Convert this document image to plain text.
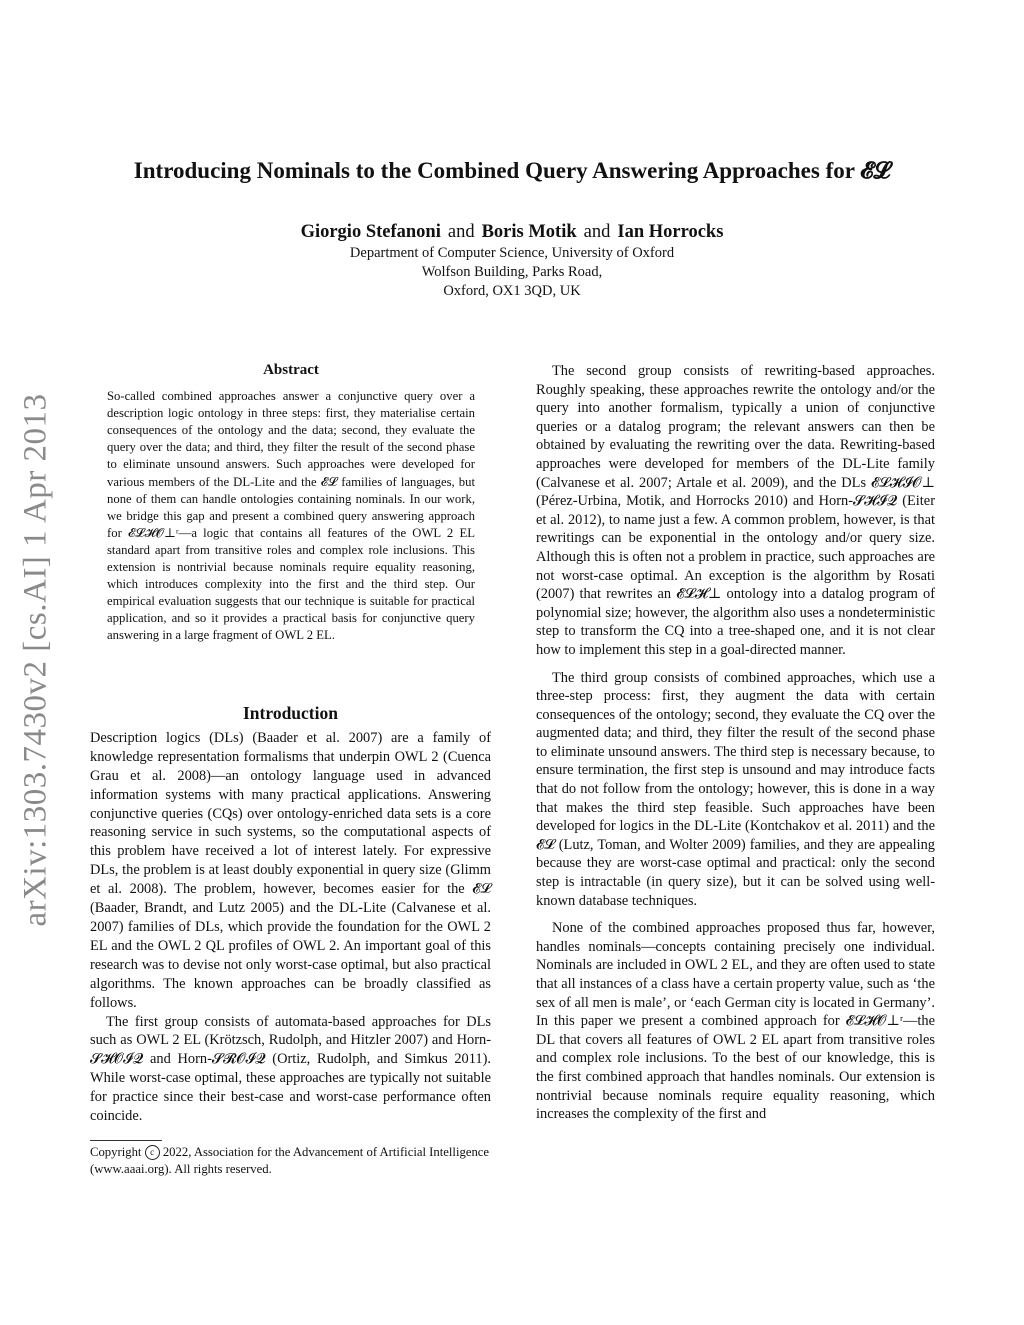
arXiv:1303.7430v2 [cs.AI] 1 Apr 2013
Introducing Nominals to the Combined Query Answering Approaches for 𝓔𝓛
Giorgio Stefanoni and Boris Motik and Ian Horrocks
Department of Computer Science, University of Oxford
Wolfson Building, Parks Road,
Oxford, OX1 3QD, UK
Abstract

So-called combined approaches answer a conjunctive query over a description logic ontology in three steps: first, they materialise certain consequences of the ontology and the data; second, they evaluate the query over the data; and third, they filter the result of the second phase to eliminate unsound answers. Such approaches were developed for various members of the DL-Lite and the 𝓔𝓛 families of languages, but none of them can handle ontologies containing nominals. In our work, we bridge this gap and present a combined query answering approach for 𝓔𝓛𝓗𝓞⊥ʳ—a logic that contains all features of the OWL 2 EL standard apart from transitive roles and complex role inclusions. This extension is nontrivial because nominals require equality reasoning, which introduces complexity into the first and the third step. Our empirical evaluation suggests that our technique is suitable for practical application, and so it provides a practical basis for conjunctive query answering in a large fragment of OWL 2 EL.

Introduction

Description logics (DLs) (Baader et al. 2007) are a family of knowledge representation formalisms that underpin OWL 2 (Cuenca Grau et al. 2008)—an ontology language used in advanced information systems with many practical applications. Answering conjunctive queries (CQs) over ontology-enriched data sets is a core reasoning service in such systems, so the computational aspects of this problem have received a lot of interest lately. For expressive DLs, the problem is at least doubly exponential in query size (Glimm et al. 2008). The problem, however, becomes easier for the 𝓔𝓛 (Baader, Brandt, and Lutz 2005) and the DL-Lite (Calvanese et al. 2007) families of DLs, which provide the foundation for the OWL 2 EL and the OWL 2 QL profiles of OWL 2. An important goal of this research was to devise not only worst-case optimal, but also practical algorithms. The known approaches can be broadly classified as follows.

The first group consists of automata-based approaches for DLs such as OWL 2 EL (Krötzsch, Rudolph, and Hitzler 2007) and Horn-𝓢𝓗𝓞𝓘𝓠 and Horn-𝓢𝓡𝓞𝓘𝓠 (Ortiz, Rudolph, and Simkus 2011). While worst-case optimal, these approaches are typically not suitable for practice since their best-case and worst-case performance often coincide.

Copyright c 2022, Association for the Advancement of Artificial Intelligence (www.aaai.org). All rights reserved.

The second group consists of rewriting-based approaches. Roughly speaking, these approaches rewrite the ontology and/or the query into another formalism, typically a union of conjunctive queries or a datalog program; the relevant answers can then be obtained by evaluating the rewriting over the data. Rewriting-based approaches were developed for members of the DL-Lite family (Calvanese et al. 2007; Artale et al. 2009), and the DLs 𝓔𝓛𝓗𝓘𝓞⊥ (Pérez-Urbina, Motik, and Horrocks 2010) and Horn-𝓢𝓗𝓘𝓠 (Eiter et al. 2012), to name just a few. A common problem, however, is that rewritings can be exponential in the ontology and/or query size. Although this is often not a problem in practice, such approaches are not worst-case optimal. An exception is the algorithm by Rosati (2007) that rewrites an 𝓔𝓛𝓗⊥ ontology into a datalog program of polynomial size; however, the algorithm also uses a nondeterministic step to transform the CQ into a tree-shaped one, and it is not clear how to implement this step in a goal-directed manner.

The third group consists of combined approaches, which use a three-step process: first, they augment the data with certain consequences of the ontology; second, they evaluate the CQ over the augmented data; and third, they filter the result of the second phase to eliminate unsound answers. The third step is necessary because, to ensure termination, the first step is unsound and may introduce facts that do not follow from the ontology; however, this is done in a way that makes the third step feasible. Such approaches have been developed for logics in the DL-Lite (Kontchakov et al. 2011) and the 𝓔𝓛 (Lutz, Toman, and Wolter 2009) families, and they are appealing because they are worst-case optimal and practical: only the second step is intractable (in query size), but it can be solved using well-known database techniques.

None of the combined approaches proposed thus far, however, handles nominals—concepts containing precisely one individual. Nominals are included in OWL 2 EL, and they are often used to state that all instances of a class have a certain property value, such as ‘the sex of all men is male’, or ‘each German city is located in Germany’. In this paper we present a combined approach for 𝓔𝓛𝓗𝓞⊥ʳ—the DL that covers all features of OWL 2 EL apart from transitive roles and complex role inclusions. To the best of our knowledge, this is the first combined approach that handles nominals. Our extension is nontrivial because nominals require equality reasoning, which increases the complexity of the first and
